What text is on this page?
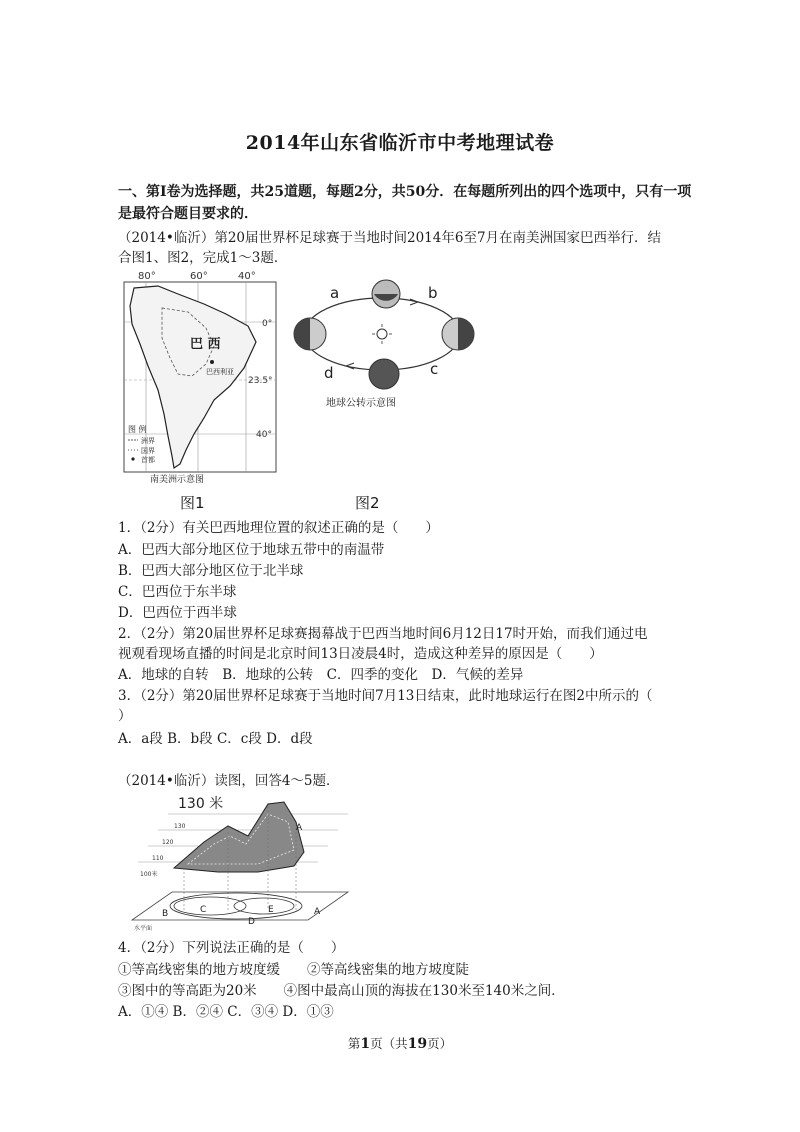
2014年山东省临沂市中考地理试卷
一、第Ⅰ卷为选择题，共25道题，每题2分，共50分．在每题所列出的四个选项中，只有一项
是最符合题目要求的．
（2014•临沂）第20届世界杯足球赛于当地时间2014年6至7月在南美洲国家巴西举行．结
合图1、图2，完成1～3题．
80°	60°	40°
0°
23.5°
40°
巴 西
巴西利亚
图 例
洲界
国界
首都
南美洲示意图
a	b
c
d
地球公转示意图
图1	图2
1．（2分）有关巴西地理位置的叙述正确的是（　　）
A．巴西大部分地区位于地球五带中的南温带
B．巴西大部分地区位于北半球
C．巴西位于东半球
D．巴西位于西半球
2．（2分）第20届世界杯足球赛揭幕战于巴西当地时间6月12日17时开始，而我们通过电
视观看现场直播的时间是北京时间13日凌晨4时，造成这种差异的原因是（　　）
A．地球的自转　B．地球的公转　C．四季的变化　D．气候的差异
3．（2分）第20届世界杯足球赛于当地时间7月13日结束，此时地球运行在图2中所示的（
）
A．a段 B．b段 C．c段 D．d段
（2014•临沂）读图，回答4～5题．
130 米
130
120
110
100米
A
B	C
D
E	A
水平面
4．（2分）下列说法正确的是（　　）
①等高线密集的地方坡度缓　　②等高线密集的地方坡度陡
③图中的等高距为20米　　④图中最高山顶的海拔在130米至140米之间．
A．①④ B．②④ C．③④ D．①③
第1页（共19页）
